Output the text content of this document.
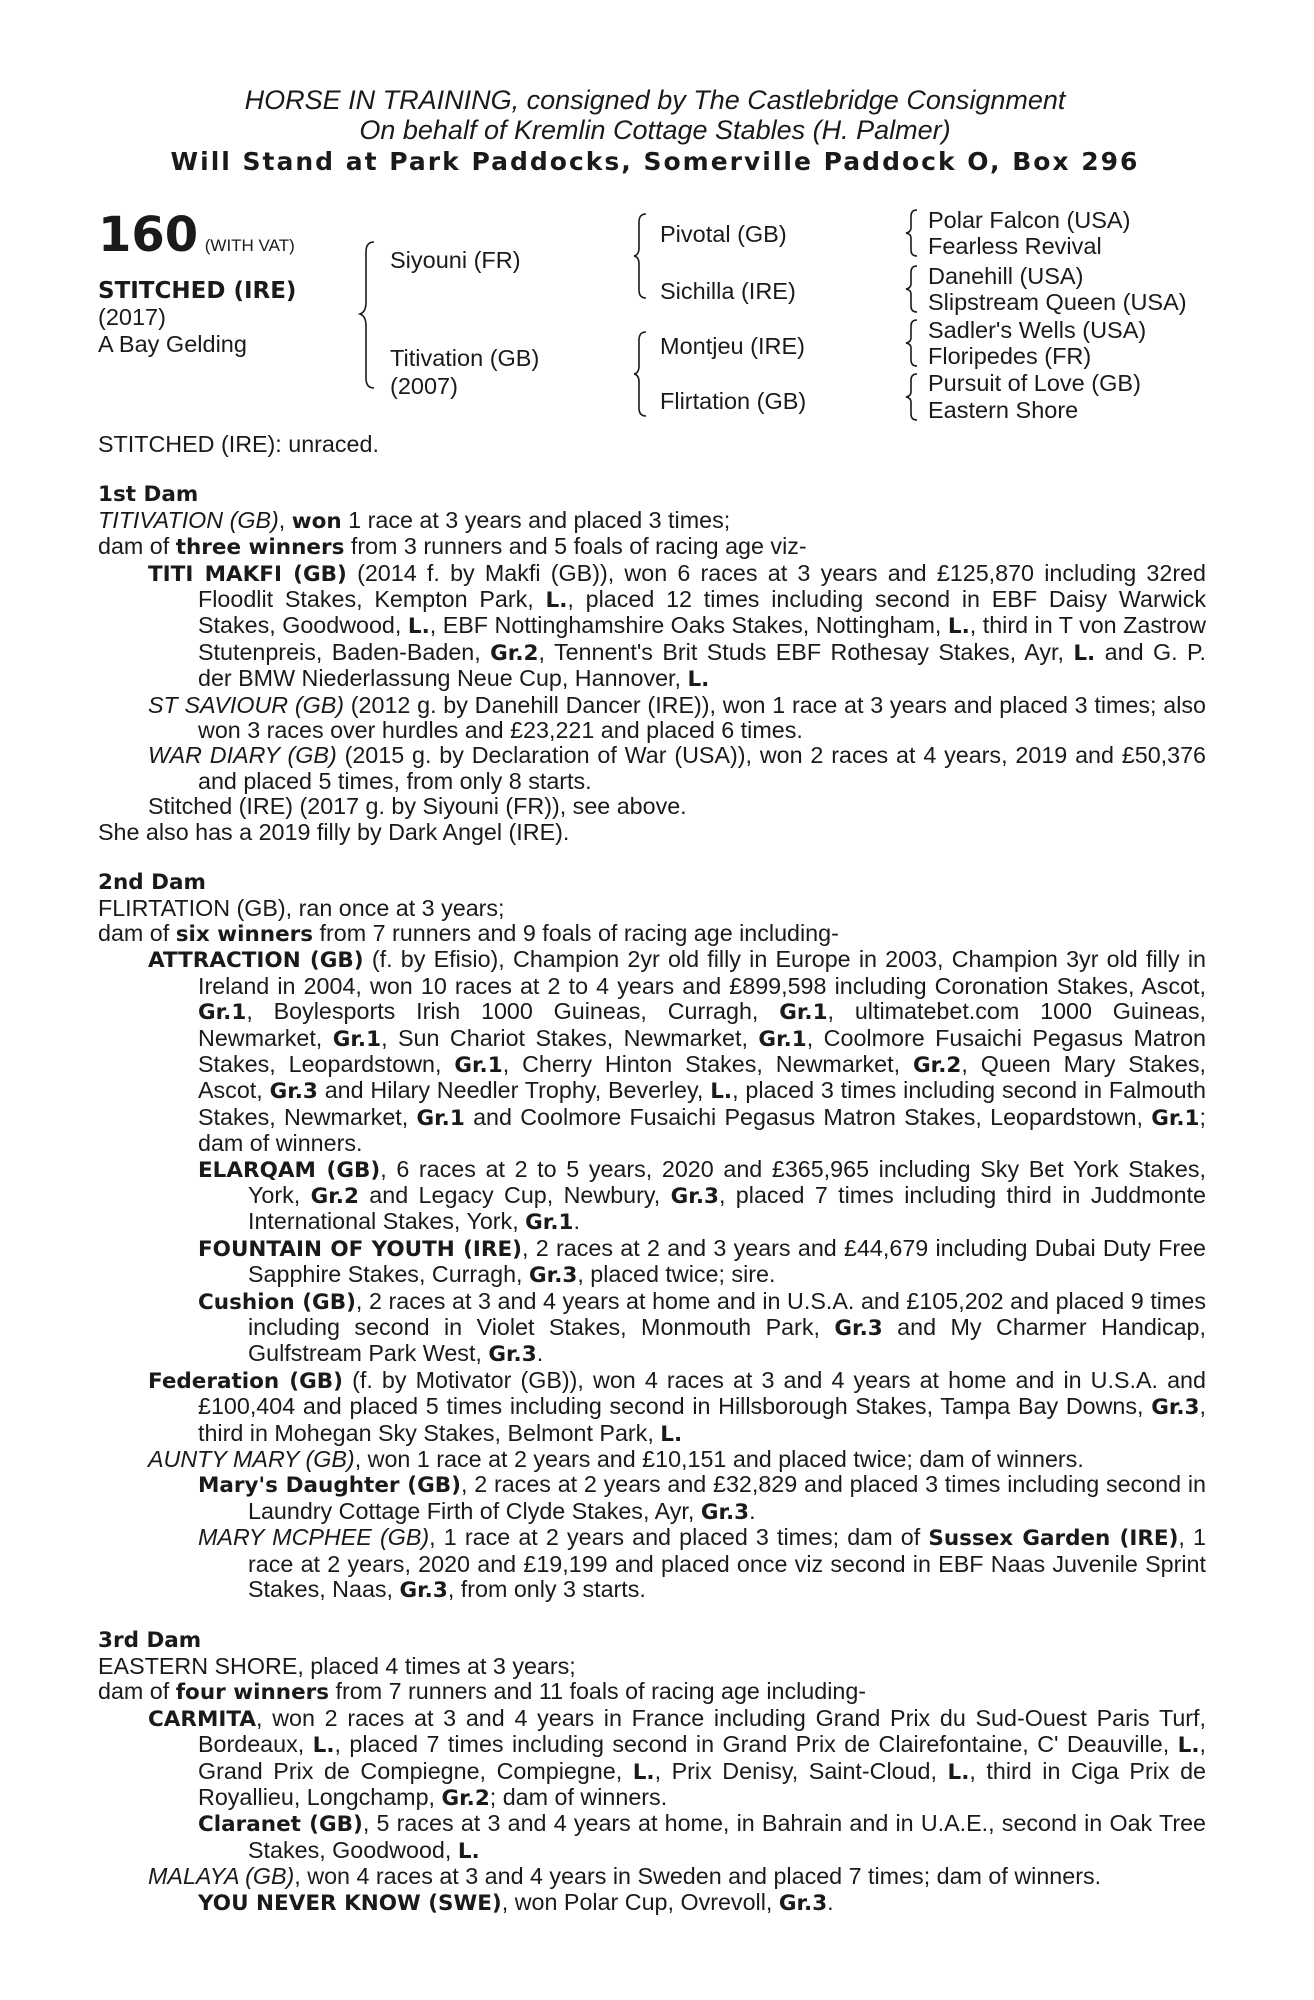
HORSE IN TRAINING, consigned by The Castlebridge Consignment
On behalf of Kremlin Cottage Stables (H. Palmer)
Will Stand at Park Paddocks, Somerville Paddock O, Box 296
160 (WITH VAT)
STITCHED (IRE)
(2017)
A Bay Gelding
Siyouni (FR)
Titivation (GB)
(2007)
Pivotal (GB)
Sichilla (IRE)
Montjeu (IRE)
Flirtation (GB)
Polar Falcon (USA)
Fearless Revival
Danehill (USA)
Slipstream Queen (USA)
Sadler's Wells (USA)
Floripedes (FR)
Pursuit of Love (GB)
Eastern Shore

STITCHED (IRE): unraced.

1st Dam

TITIVATION (GB), won 1 race at 3 years and placed 3 times;

dam of three winners from 3 runners and 5 foals of racing age viz-

TITI MAKFI (GB) (2014 f. by Makfi (GB)), won 6 races at 3 years and £125,870 including 32red Floodlit Stakes, Kempton Park, L., placed 12 times including second in EBF Daisy Warwick Stakes, Goodwood, L., EBF Nottinghamshire Oaks Stakes, Nottingham, L., third in T von Zastrow Stutenpreis, Baden-Baden, Gr.2, Tennent's Brit Studs EBF Rothesay Stakes, Ayr, L. and G. P. der BMW Niederlassung Neue Cup, Hannover, L.

ST SAVIOUR (GB) (2012 g. by Danehill Dancer (IRE)), won 1 race at 3 years and placed 3 times; also won 3 races over hurdles and £23,221 and placed 6 times.

WAR DIARY (GB) (2015 g. by Declaration of War (USA)), won 2 races at 4 years, 2019 and £50,376 and placed 5 times, from only 8 starts.

Stitched (IRE) (2017 g. by Siyouni (FR)), see above.

She also has a 2019 filly by Dark Angel (IRE).

2nd Dam

FLIRTATION (GB), ran once at 3 years;

dam of six winners from 7 runners and 9 foals of racing age including-

ATTRACTION (GB) (f. by Efisio), Champion 2yr old filly in Europe in 2003, Champion 3yr old filly in Ireland in 2004, won 10 races at 2 to 4 years and £899,598 including Coronation Stakes, Ascot, Gr.1, Boylesports Irish 1000 Guineas, Curragh, Gr.1, ultimatebet.com 1000 Guineas, Newmarket, Gr.1, Sun Chariot Stakes, Newmarket, Gr.1, Coolmore Fusaichi Pegasus Matron Stakes, Leopardstown, Gr.1, Cherry Hinton Stakes, Newmarket, Gr.2, Queen Mary Stakes, Ascot, Gr.3 and Hilary Needler Trophy, Beverley, L., placed 3 times including second in Falmouth Stakes, Newmarket, Gr.1 and Coolmore Fusaichi Pegasus Matron Stakes, Leopardstown, Gr.1; dam of winners.

ELARQAM (GB), 6 races at 2 to 5 years, 2020 and £365,965 including Sky Bet York Stakes, York, Gr.2 and Legacy Cup, Newbury, Gr.3, placed 7 times including third in Juddmonte International Stakes, York, Gr.1.

FOUNTAIN OF YOUTH (IRE), 2 races at 2 and 3 years and £44,679 including Dubai Duty Free Sapphire Stakes, Curragh, Gr.3, placed twice; sire.

Cushion (GB), 2 races at 3 and 4 years at home and in U.S.A. and £105,202 and placed 9 times including second in Violet Stakes, Monmouth Park, Gr.3 and My Charmer Handicap, Gulfstream Park West, Gr.3.

Federation (GB) (f. by Motivator (GB)), won 4 races at 3 and 4 years at home and in U.S.A. and £100,404 and placed 5 times including second in Hillsborough Stakes, Tampa Bay Downs, Gr.3, third in Mohegan Sky Stakes, Belmont Park, L.

AUNTY MARY (GB), won 1 race at 2 years and £10,151 and placed twice; dam of winners.

Mary's Daughter (GB), 2 races at 2 years and £32,829 and placed 3 times including second in Laundry Cottage Firth of Clyde Stakes, Ayr, Gr.3.

MARY MCPHEE (GB), 1 race at 2 years and placed 3 times; dam of Sussex Garden (IRE), 1 race at 2 years, 2020 and £19,199 and placed once viz second in EBF Naas Juvenile Sprint Stakes, Naas, Gr.3, from only 3 starts.

3rd Dam

EASTERN SHORE, placed 4 times at 3 years;

dam of four winners from 7 runners and 11 foals of racing age including-

CARMITA, won 2 races at 3 and 4 years in France including Grand Prix du Sud-Ouest Paris Turf, Bordeaux, L., placed 7 times including second in Grand Prix de Clairefontaine, C' Deauville, L., Grand Prix de Compiegne, Compiegne, L., Prix Denisy, Saint-Cloud, L., third in Ciga Prix de Royallieu, Longchamp, Gr.2; dam of winners.

Claranet (GB), 5 races at 3 and 4 years at home, in Bahrain and in U.A.E., second in Oak Tree Stakes, Goodwood, L.

MALAYA (GB), won 4 races at 3 and 4 years in Sweden and placed 7 times; dam of winners.

YOU NEVER KNOW (SWE), won Polar Cup, Ovrevoll, Gr.3.
